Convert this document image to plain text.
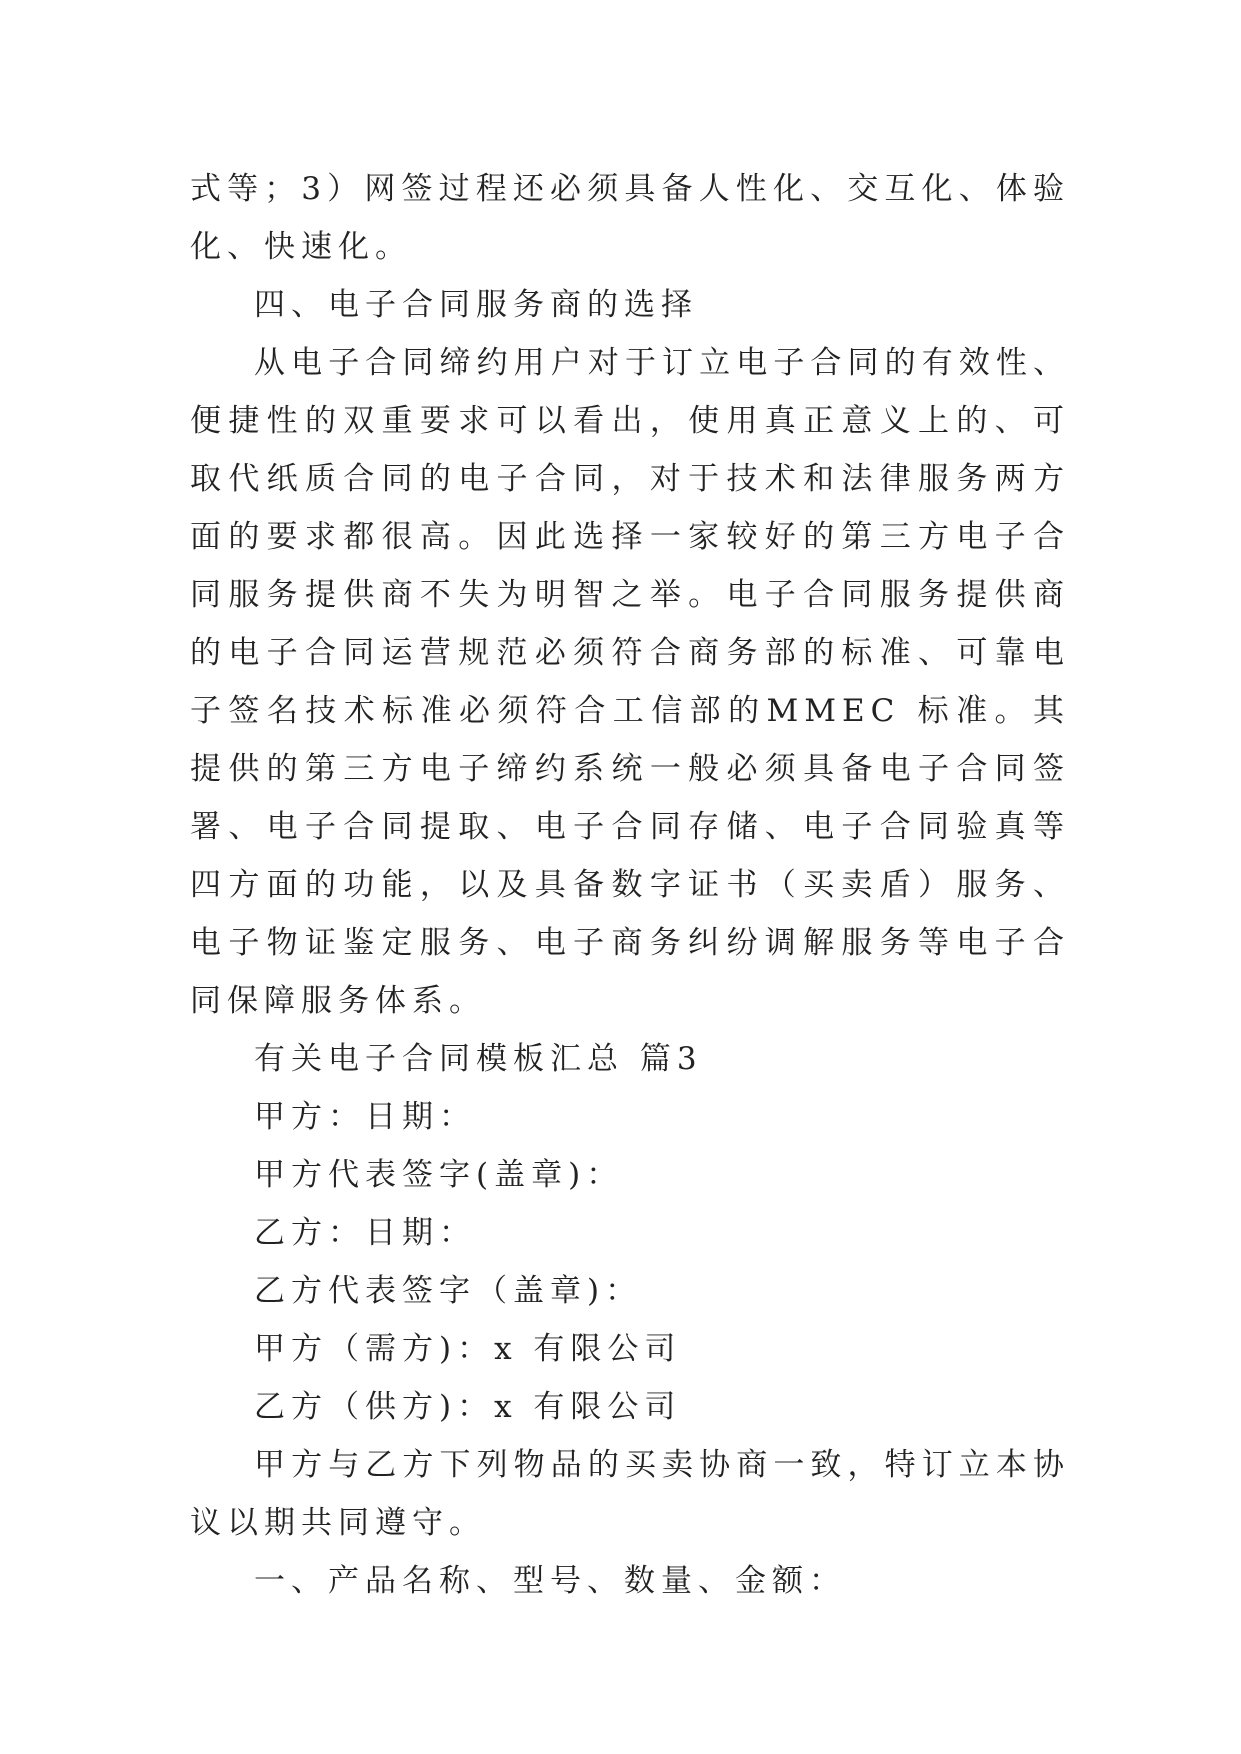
式等；3）网签过程还必须具备人性化、交互化、体验化、快速化。

四、电子合同服务商的选择

从电子合同缔约用户对于订立电子合同的有效性、便捷性的双重要求可以看出，使用真正意义上的、可取代纸质合同的电子合同，对于技术和法律服务两方面的要求都很高。因此选择一家较好的第三方电子合同服务提供商不失为明智之举。电子合同服务提供商的电子合同运营规范必须符合商务部的标准、可靠电子签名技术标准必须符合工信部的MMEC 标准。其提供的第三方电子缔约系统一般必须具备电子合同签署、电子合同提取、电子合同存储、电子合同验真等四方面的功能，以及具备数字证书（买卖盾）服务、电子物证鉴定服务、电子商务纠纷调解服务等电子合同保障服务体系。

有关电子合同模板汇总 篇3

甲方：日期：

甲方代表签字(盖章)：

乙方：日期：

乙方代表签字（盖章)：

甲方（需方)：x 有限公司

乙方（供方)：x 有限公司

甲方与乙方下列物品的买卖协商一致，特订立本协议以期共同遵守。

一、产品名称、型号、数量、金额：
